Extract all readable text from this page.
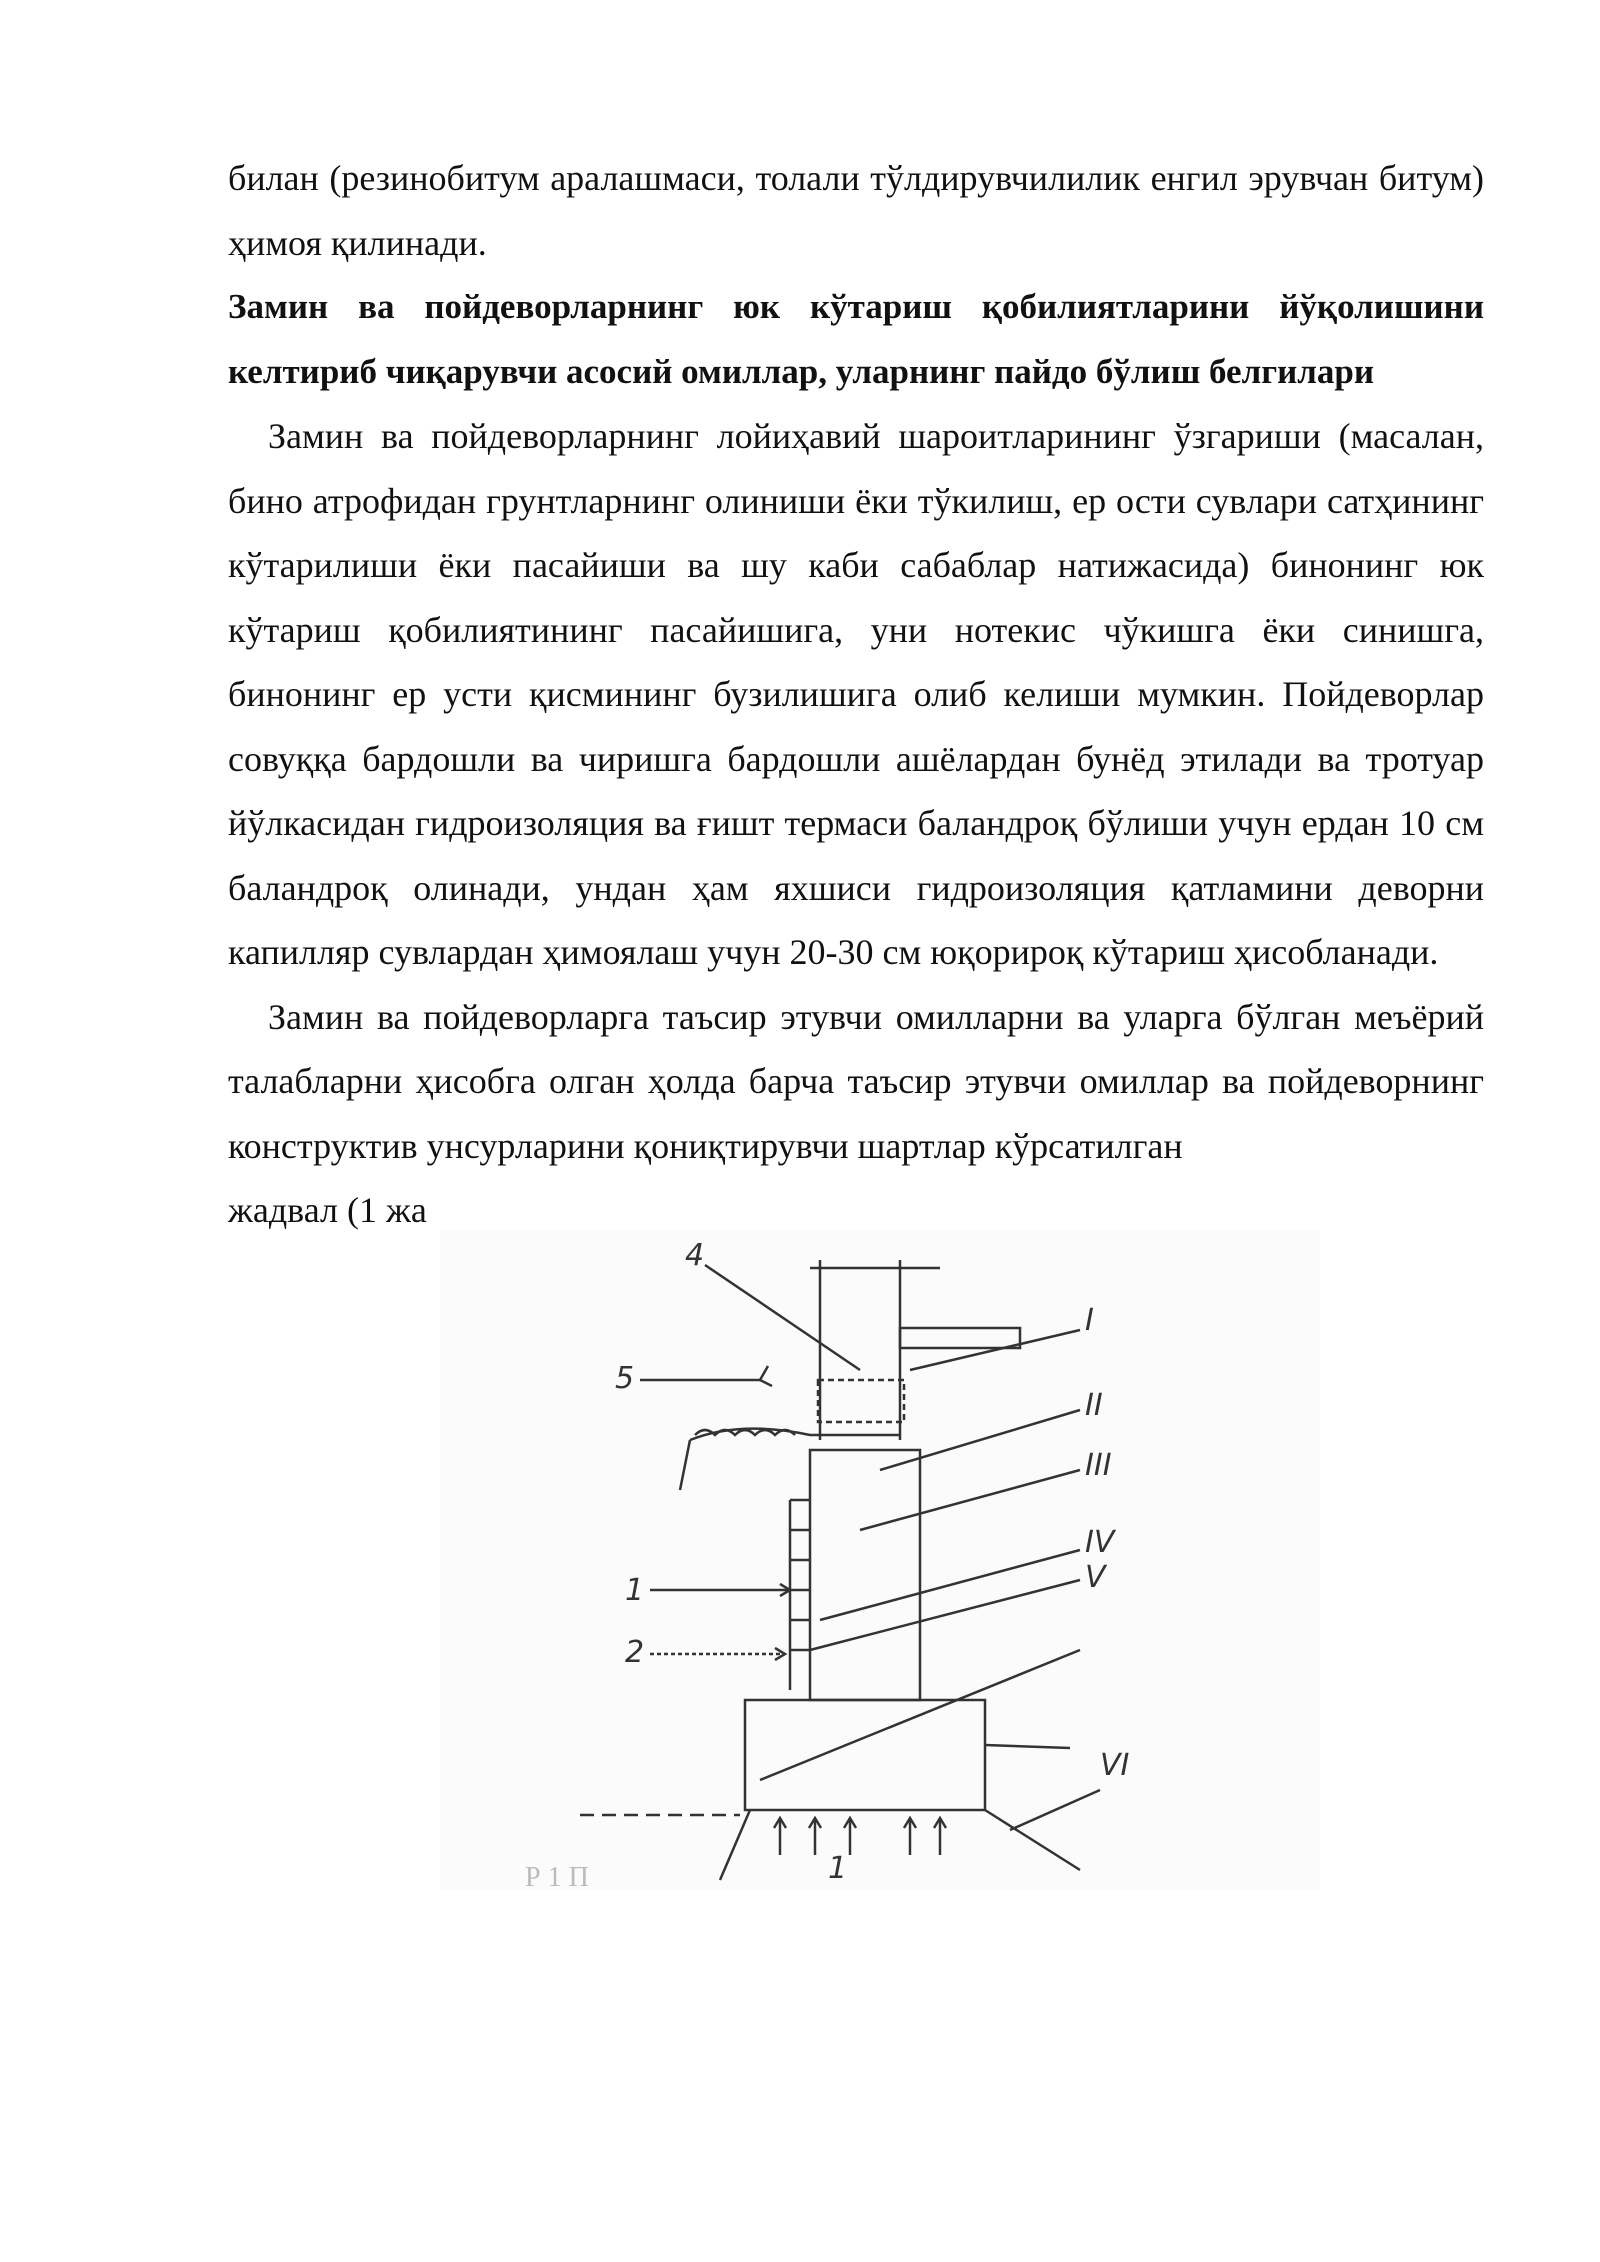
билан (резинобитум аралашмаси, толали тўлдирувчилилик енгил эрувчан битум) ҳимоя қилинади.

Замин ва пойдеворларнинг юк кўтариш қобилиятларини йўқолишини келтириб чиқарувчи асосий омиллар, уларнинг пайдо бўлиш белгилари

Замин ва пойдеворларнинг лойиҳавий шароитларининг ўзгариши (масалан, бино атрофидан грунтларнинг олиниши ёки тўкилиш, ер ости сувлари сатҳининг кўтарилиши ёки пасайиши ва шу каби сабаблар натижасида) бинонинг юк кўтариш қобилиятининг пасайишига, уни нотекис чўкишга ёки синишга, бинонинг ер усти қисмининг бузилишига олиб келиши мумкин. Пойдеворлар совуққа бардошли ва чиришга бардошли ашёлардан бунёд этилади ва тротуар йўлкасидан гидроизоляция ва ғишт термаси баландроқ бўлиши учун ердан 10 см баландроқ олинади, ундан ҳам яхшиси гидроизоляция қатламини деворни капилляр сувлардан ҳимоялаш учун 20-30 см юқорироқ кўтариш ҳисобланади.

Замин ва пойдеворларга таъсир этувчи омилларни ва уларга бўлган меъёрий талабларни ҳисобга олган ҳолда барча таъсир этувчи омиллар ва пойдеворнинг конструктив унсурларини қониқтирувчи шартлар кўрсатилган

жадвал (1 жа

4
5
1
2
I
II
III
IV
V
VI
1
Р 1 П
